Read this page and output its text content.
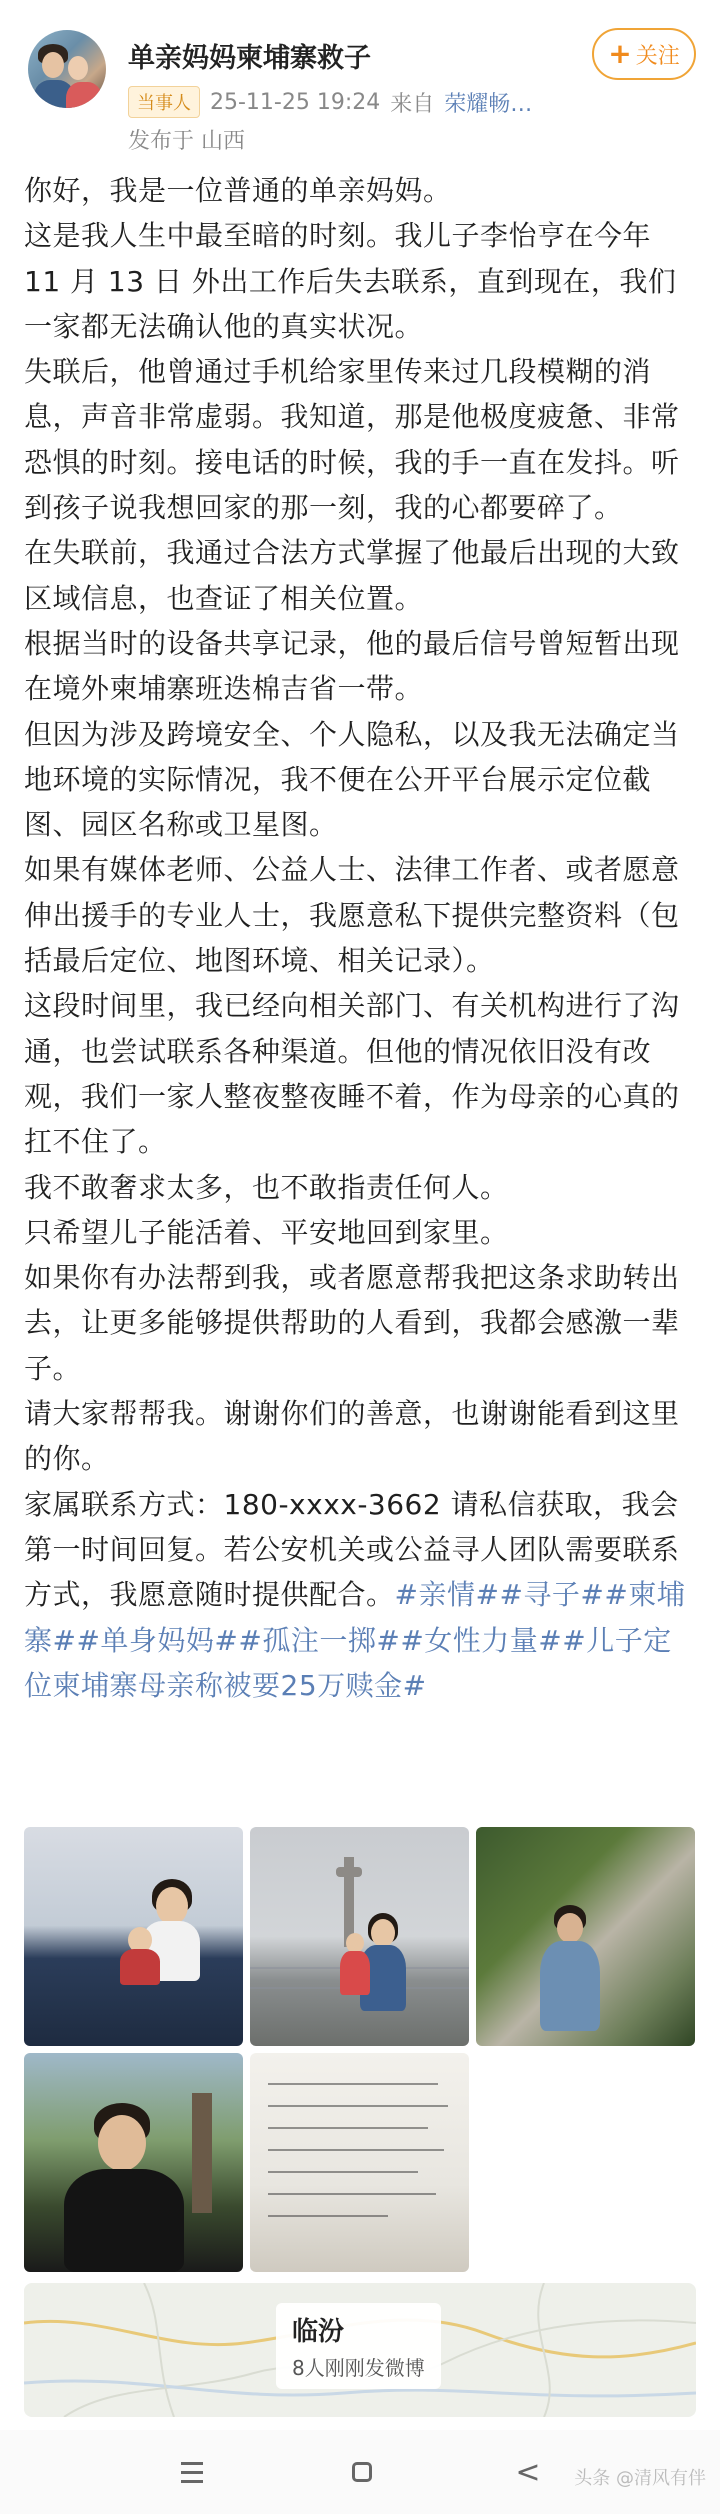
单亲妈妈柬埔寨救子
当事人 25-11-25 19:24 来自 荣耀畅…
发布于 山西
+ 关注

你好，我是一位普通的单亲妈妈。

这是我人生中最至暗的时刻。我儿子李怡亨在今年 11 月 13 日 外出工作后失去联系，直到现在，我们一家都无法确认他的真实状况。

失联后，他曾通过手机给家里传来过几段模糊的消息，声音非常虚弱。我知道，那是他极度疲惫、非常恐惧的时刻。接电话的时候，我的手一直在发抖。听到孩子说我想回家的那一刻，我的心都要碎了。

在失联前，我通过合法方式掌握了他最后出现的大致区域信息，也查证了相关位置。

根据当时的设备共享记录，他的最后信号曾短暂出现在境外柬埔寨班迭棉吉省一带。

但因为涉及跨境安全、个人隐私，以及我无法确定当地环境的实际情况，我不便在公开平台展示定位截图、园区名称或卫星图。

如果有媒体老师、公益人士、法律工作者、或者愿意伸出援手的专业人士，我愿意私下提供完整资料（包括最后定位、地图环境、相关记录）。

这段时间里，我已经向相关部门、有关机构进行了沟通，也尝试联系各种渠道。但他的情况依旧没有改观，我们一家人整夜整夜睡不着，作为母亲的心真的扛不住了。

我不敢奢求太多，也不敢指责任何人。

只希望儿子能活着、平安地回到家里。

如果你有办法帮到我，或者愿意帮我把这条求助转出去，让更多能够提供帮助的人看到，我都会感激一辈子。

请大家帮帮我。谢谢你们的善意，也谢谢能看到这里的你。

家属联系方式：180-xxxx-3662 请私信获取，我会第一时间回复。若公安机关或公益寻人团队需要联系方式，我愿意随时提供配合。#亲情##寻子##柬埔寨##单身妈妈##孤注一掷##女性力量##儿子定位柬埔寨母亲称被要25万赎金#

临汾
8人刚刚发微博
<	头条 @清风有伴
